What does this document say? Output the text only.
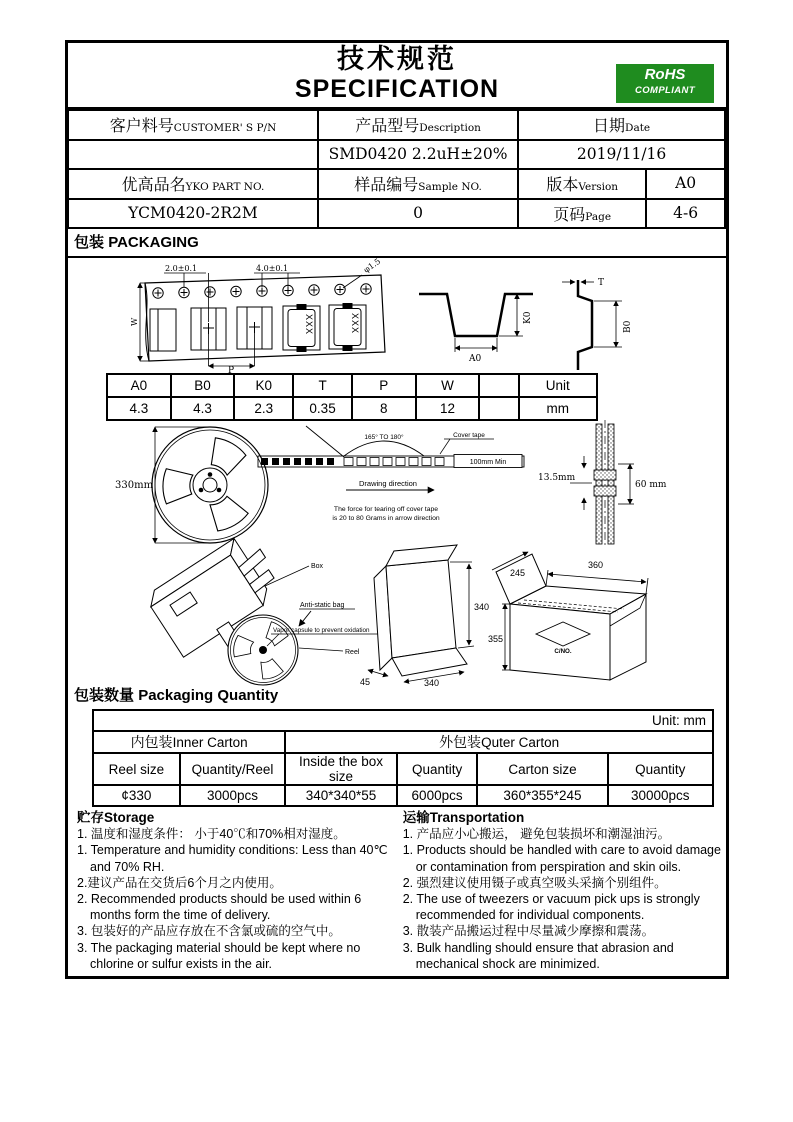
技术规范
SPECIFICATION
RoHS
COMPLIANT
客户料号CUSTOMER' S P/N	产品型号Description	日期Date	
	SMD0420 2.2uH±20%	2019/11/16	
优高品名YKO PART NO.	样品编号Sample NO.	版本Version	A0
YCM0420-2R2M	0	页码Page	4-6
包装 PACKAGING
XXX	XXX
2.0±0.1	4.0±0.1	φ1.5
W
P
A0
K0
T
B0
A0	B0	K0	T	P	W		Unit
4.3	4.3	2.3	0.35	8	12		mm
330mm
100mm Min
165° TO 180°	Cover tape
Drawing direction
The force for tearing off cover tape
is 20 to 80 Grams in arrow direction
13.5mm
60 mm
Box
Anti-static bag
Vapor capsule to prevent oxidation
Reel
340
340
45
360
245
355
C/NO.
包装数量 Packaging Quantity
Unit: mm					
内包装Inner Carton		外包装Quter Carton			
Reel size	Quantity/Reel	Inside the box size	Quantity	Carton size	Quantity
¢330	3000pcs	340*340*55	6000pcs	360*355*245	30000pcs
贮存Storage
1. 温度和湿度条件： 小于40℃和70%相对湿度。
1. Temperature and humidity conditions: Less than 40℃ and 70% RH.
2.建议产品在交货后6个月之内使用。
2. Recommended products should be used within 6 months form the time of delivery.
3. 包装好的产品应存放在不含氯或硫的空气中。
3. The packaging material should be kept where no chlorine or sulfur exists in the air.
运输Transportation
1. 产品应小心搬运， 避免包装损坏和潮湿油污。
1. Products should be handled with care to avoid damage or contamination from perspiration and skin oils.
2. 强烈建议使用镊子或真空吸头采摘个别组件。
2. The use of tweezers or vacuum pick ups is strongly recommended for individual components.
3. 散装产品搬运过程中尽量减少摩擦和震荡。
3. Bulk handling should ensure that abrasion and mechanical shock are minimized.
